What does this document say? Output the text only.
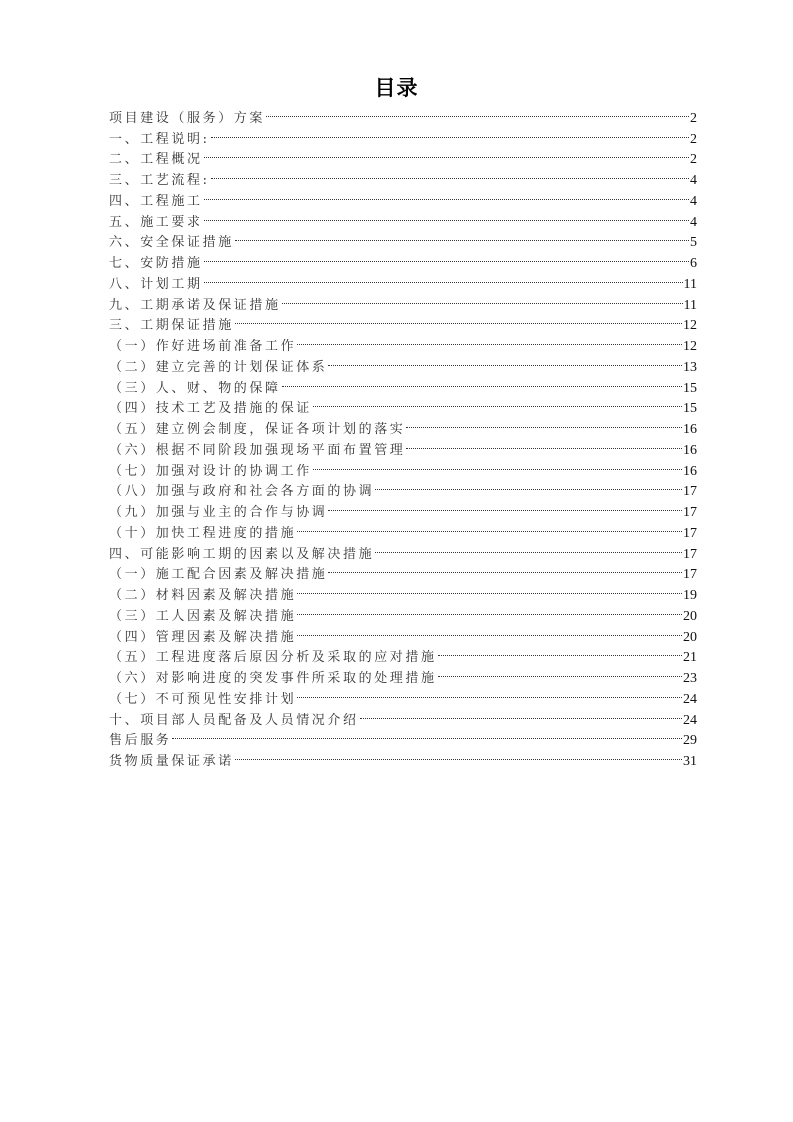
目录
项目建设（服务）方案	2
一、工程说明:	2
二、工程概况	2
三、工艺流程:	4
四、工程施工	4
五、施工要求	4
六、安全保证措施	5
七、安防措施	6
八、计划工期	11
九、工期承诺及保证措施	11
三、工期保证措施	12
（一）作好进场前准备工作	12
（二）建立完善的计划保证体系	13
（三）人、财、物的保障	15
（四）技术工艺及措施的保证	15
（五）建立例会制度，保证各项计划的落实	16
（六）根据不同阶段加强现场平面布置管理	16
（七）加强对设计的协调工作	16
（八）加强与政府和社会各方面的协调	17
（九）加强与业主的合作与协调	17
（十）加快工程进度的措施	17
四、可能影响工期的因素以及解决措施	17
（一）施工配合因素及解决措施	17
（二）材料因素及解决措施	19
（三）工人因素及解决措施	20
（四）管理因素及解决措施	20
（五）工程进度落后原因分析及采取的应对措施	21
（六）对影响进度的突发事件所采取的处理措施	23
（七）不可预见性安排计划	24
十、项目部人员配备及人员情况介绍	24
售后服务	29
货物质量保证承诺	31
